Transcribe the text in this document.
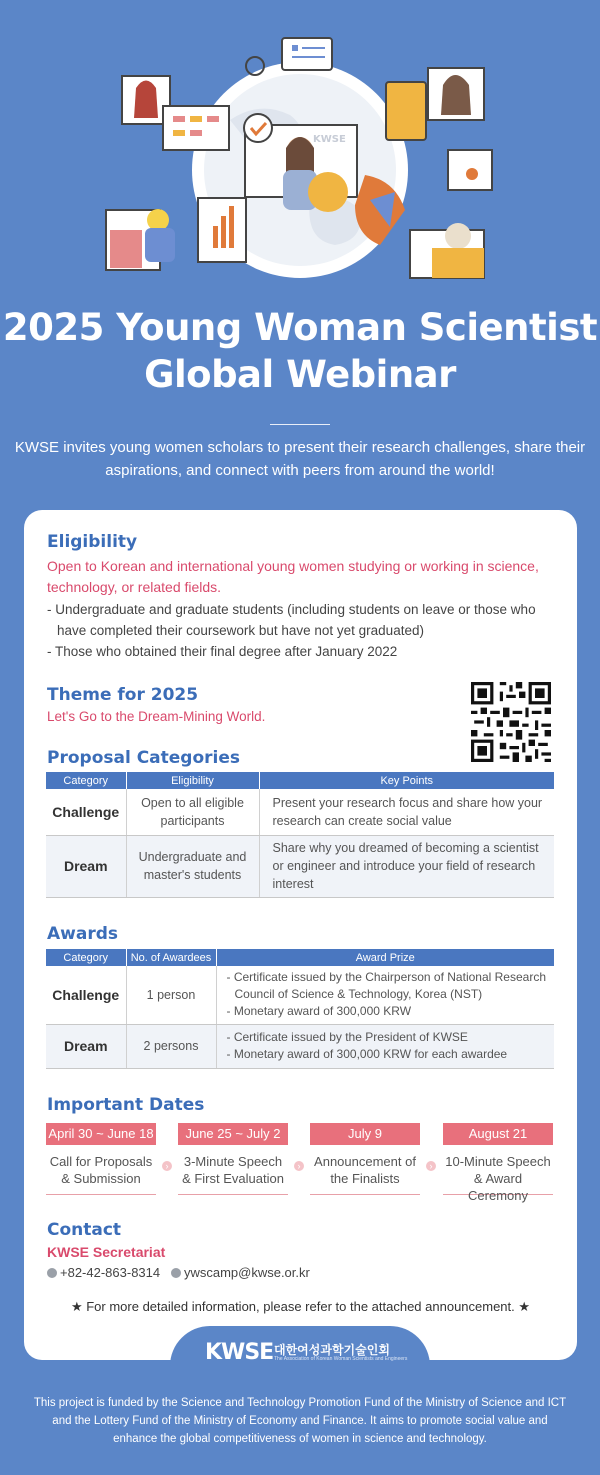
KWSE
2025 Young Woman Scientist
Global Webinar
KWSE invites young women scholars to present their research challenges, share their aspirations, and connect with peers from around the world!
Eligibility
Open to Korean and international young women studying or working in science, technology, or related fields.
- Undergraduate and graduate students (including students on leave or those who have completed their coursework but have not yet graduated)
- Those who obtained their final degree after January 2022
Theme for 2025
Let's Go to the Dream-Mining World.
Proposal Categories
Category	Eligibility	Key Points
Challenge	Open to all eligible participants	Present your research focus and share how your research can create social value
Dream	Undergraduate and master's students	Share why you dreamed of becoming a scientist or engineer and introduce your field of research interest
Awards
Category	No. of Awardees	Award Prize
Challenge	1 person	- Certificate issued by the Chairperson of National Research Council of Science & Technology, Korea (NST)
- Monetary award of 300,000 KRW

Dream	2 persons	- Certificate issued by the President of KWSE
- Monetary award of 300,000 KRW for each awardee
Important Dates
April 30 ~ June 18
Call for Proposals & Submission
›
June 25 ~ July 2
3-Minute Speech & First Evaluation
›
July 9
Announcement of the Finalists
›
August 21
10-Minute Speech & Award Ceremony
Contact
KWSE Secretariat
+82-42-863-8314 ywscamp@kwse.or.kr
★ For more detailed information, please refer to the attached announcement. ★
KWSE 대한여성과학기술인회
The Association of Korean Woman Scientists and Engineers
This project is funded by the Science and Technology Promotion Fund of the Ministry of Science and ICT and the Lottery Fund of the Ministry of Economy and Finance. It aims to promote social value and enhance the global competitiveness of women in science and technology.
